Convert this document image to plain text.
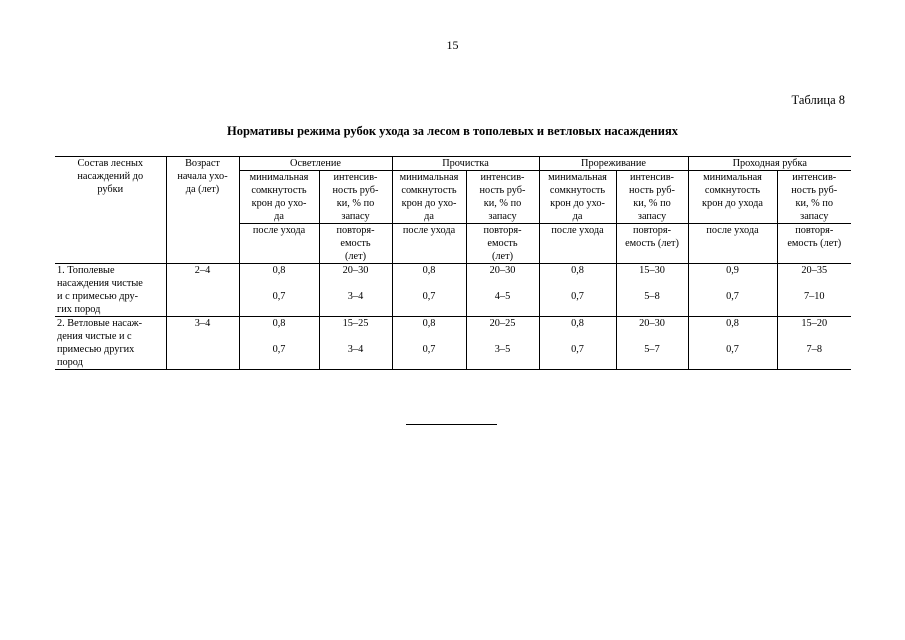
15
Таблица 8
Нормативы режима рубок ухода за лесом в тополевых и ветловых насаждениях
Состав лесных
насаждений до
рубки	Возраст
начала ухо-
да (лет)	Осветление		Прочистка		Прореживание		Проходная рубка	

		минимальная
сомкнутость
крон до ухо-
да	интенсив-
ность руб-
ки, % по
запасу	минимальная
сомкнутость
крон до ухо-
да	интенсив-
ность руб-
ки, % по
запасу	минимальная
сомкнутость
крон до ухо-
да	интенсив-
ность руб-
ки, % по
запасу	минимальная
сомкнутость
крон до ухода	интенсив-
ность руб-
ки, % по
запасу

		после ухода	повторя-
емость
(лет)	после ухода	повторя-
емость
(лет)	после ухода	повторя-
емость (лет)	после ухода	повторя-
емость (лет)

1. Тополевые
насаждения чистые
и с примесью дру-
гих пород	2–4	0,8
0,7	20–30
3–4	0,8
0,7	20–30
4–5	0,8
0,7	15–30
5–8	0,9
0,7	20–35
7–10

2. Ветловые насаж-
дения чистые и с
примесью других
пород	3–4	0,8
0,7	15–25
3–4	0,8
0,7	20–25
3–5	0,8
0,7	20–30
5–7	0,8
0,7	15–20
7–8
